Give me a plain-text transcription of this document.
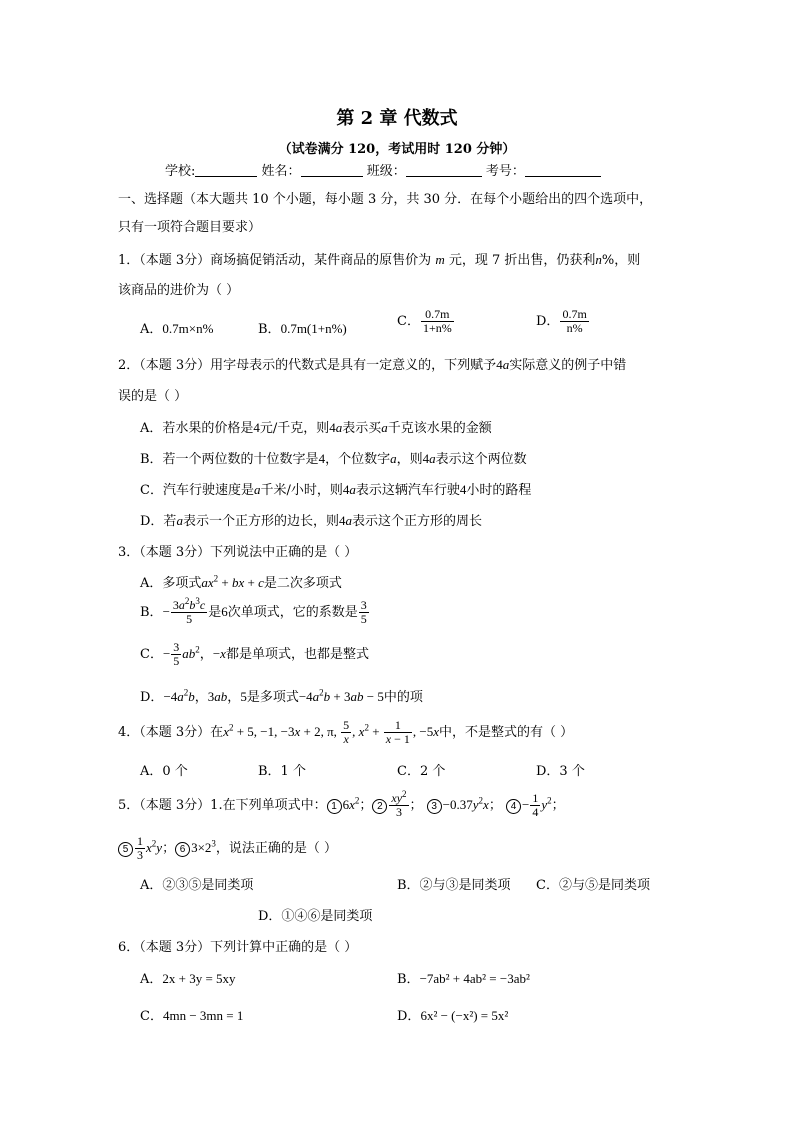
第 2 章 代数式
（试卷满分 120，考试用时 120 分钟）
学校:	姓名：	班级：	考号：
一、选择题（本大题共 10 个小题，每小题 3 分，共 30 分．在每个小题给出的四个选项中，
只有一项符合题目要求）
1．（本题 3分）商场搞促销活动，某件商品的原售价为 m 元，现 7 折出售，仍获利n%，则
该商品的进价为（ ）
A．0.7m×n%	B．0.7m(1+n%)	C． $\frac{0.7m}{1+n\%}$	D． $\frac{0.7m}{n\%}$
2．（本题 3分）用字母表示的代数式是具有一定意义的，下列赋予4a实际意义的例子中错
误的是（ ）
A．若水果的价格是4元/千克，则4a表示买a千克该水果的金额
B．若一个两位数的十位数字是4，个位数字a，则4a表示这个两位数
C．汽车行驶速度是a千米/小时，则4a表示这辆汽车行驶4小时的路程
D．若a表示一个正方形的边长，则4a表示这个正方形的周长
3．（本题 3分）下列说法中正确的是（ ）
A．多项式$ax^2$ + bx + c是二次多项式
B．− $\frac{3a^2b^3c}{5}$ 是6次单项式，它的系数是 $\frac{3}{5}$
C．− $\frac{3}{5} ab^2$，−x都是单项式，也都是整式
D．$-4a^2b$，3ab，5是多项式$-4a^2b + 3ab - 5$中的项
4．（本题 3分）在$x^2 + 5$, −1, −3x + 2, π, $\frac{5}{x}$ , $x^2 + \frac{1}{x - 1}$ , −5x中，不是整式的有（ ）
A．0 个	B．1 个	C．2 个	D．3 个
5．（本题 3分）1.在下列单项式中： 1 $6x^2$； $2 \frac{xy^2}{3}$ ； $3 -0.37y^2x$； $4 - \frac{1}{4} y^2$；
$5 \frac{1}{3} x^2y$； 6 $3\times 2^3$，说法正确的是（ ）
A．②③⑤是同类项	B．②与③是同类项 C．②与⑤是同类项
D．①④⑥是同类项
6．（本题 3分）下列计算中正确的是（ ）
A．2x + 3y = 5xy	B．−7ab² + 4ab² = −3ab²
C．4mn − 3mn = 1	D．6x² − (−x²) = 5x²
